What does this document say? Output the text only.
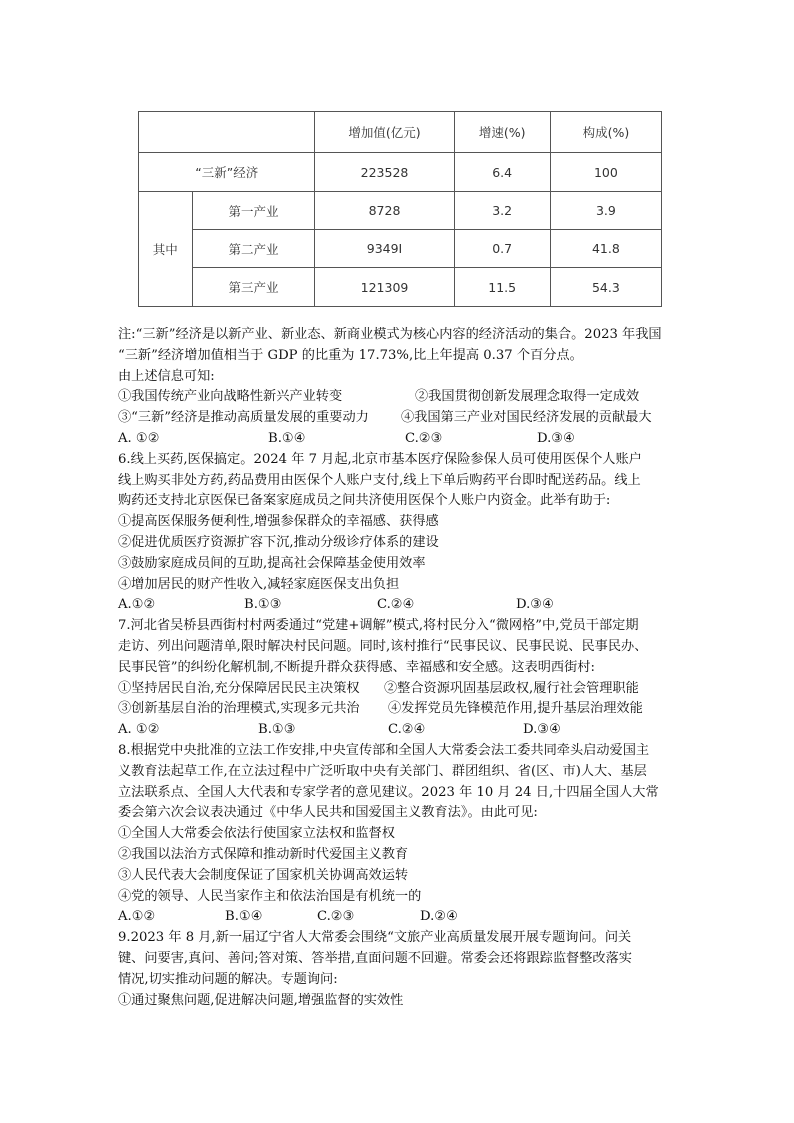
		增加值(亿元)	增速(%)	构成(%)
“三新”经济		223528	6.4	100
其中	第一产业	8728	3.2	3.9
	第二产业	9349I	0.7	41.8
	第三产业	121309	11.5	54.3
注:“三新”经济是以新产业、新业态、新商业模式为核心内容的经济活动的集合。2023 年我国
“三新”经济增加值相当于 GDP 的比重为 17.73%,比上年提高 0.37 个百分点。
由上述信息可知:
①我国传统产业向战略性新兴产业转变	②我国贯彻创新发展理念取得一定成效
③“三新”经济是推动高质量发展的重要动力 ④我国第三产业对国民经济发展的贡献最大
A. ①②	B.①④	C.②③	D.③④
6.线上买药,医保搞定。2024 年 7 月起,北京市基本医疗保险参保人员可使用医保个人账户
线上购买非处方药,药品费用由医保个人账户支付,线上下单后购药平台即时配送药品。线上
购药还支持北京医保已备案家庭成员之间共济使用医保个人账户内资金。此举有助于:
①提高医保服务便利性,增强参保群众的幸福感、获得感
②促进优质医疗资源扩容下沉,推动分级诊疗体系的建设
③鼓励家庭成员间的互助,提高社会保障基金使用效率
④增加居民的财产性收入,减轻家庭医保支出负担
A.①②	B.①③	C.②④	D.③④
7.河北省吴桥县西街村村两委通过“党建+调解”模式,将村民分入“微网格”中,党员干部定期
走访、列出问题清单,限时解决村民问题。同时,该村推行“民事民议、民事民说、民事民办、
民事民管”的纠纷化解机制,不断提升群众获得感、幸福感和安全感。这表明西街村:
①坚持居民自治,充分保障居民民主决策权 ②整合资源巩固基层政权,履行社会管理职能
③创新基层自治的治理模式,实现多元共治 ④发挥党员先锋模范作用,提升基层治理效能
A. ①②	B.①③	C.②④	D.③④
8.根据党中央批准的立法工作安排,中央宣传部和全国人大常委会法工委共同牵头启动爱国主
义教育法起草工作,在立法过程中广泛听取中央有关部门、群团组织、省(区、市)人大、基层
立法联系点、全国人大代表和专家学者的意见建议。2023 年 10 月 24 日,十四届全国人大常
委会第六次会议表决通过《中华人民共和国爱国主义教育法》。由此可见:
①全国人大常委会依法行使国家立法权和监督权
②我国以法治方式保障和推动新时代爱国主义教育
③人民代表大会制度保证了国家机关协调高效运转
④党的领导、人民当家作主和依法治国是有机统一的
A.①②	B.①④	C.②③	D.②④
9.2023 年 8 月,新一届辽宁省人大常委会围绕“文旅产业高质量发展开展专题询问。问关
键、问要害,真问、善问;答对策、答举措,直面问题不回避。常委会还将跟踪监督整改落实
情况,切实推动问题的解决。专题询问:
①通过聚焦问题,促进解决问题,增强监督的实效性
